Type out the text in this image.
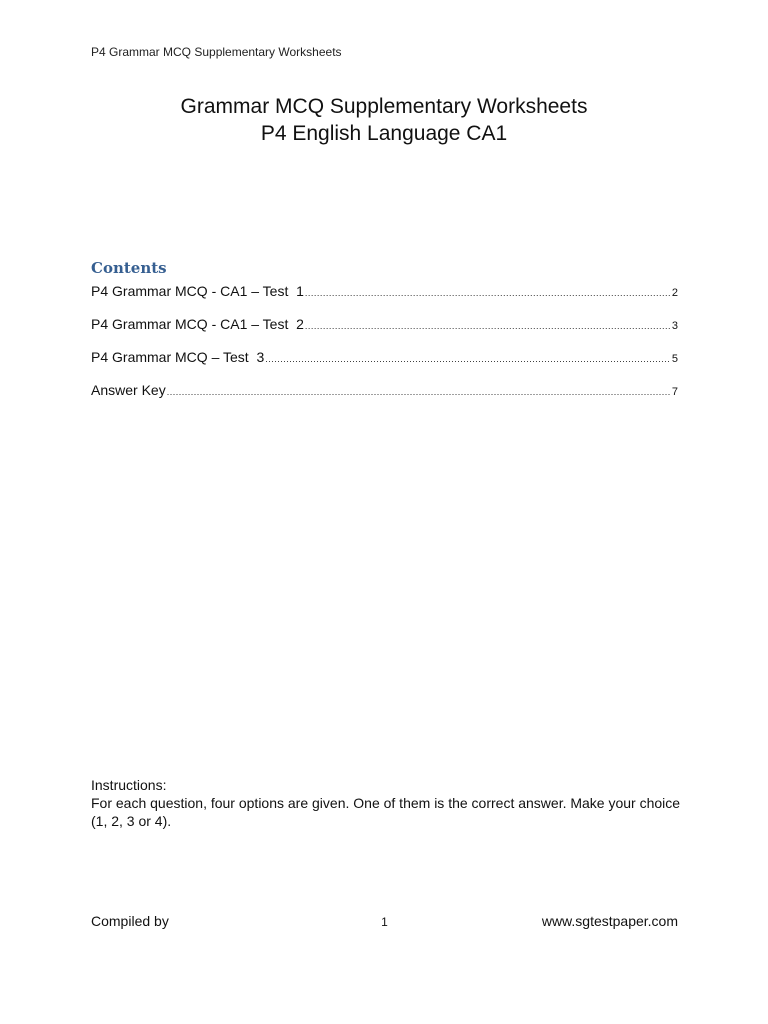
P4 Grammar MCQ Supplementary Worksheets
Grammar MCQ Supplementary Worksheets
P4 English Language CA1
Contents
P4 Grammar MCQ - CA1 – Test  1 .....	2
P4 Grammar MCQ - CA1 – Test  2 .....	3
P4 Grammar MCQ – Test  3 .....	5
Answer Key .....	7

Instructions:

For each question, four options are given. One of them is the correct answer. Make your choice (1, 2, 3 or 4).

Compiled by	1	www.sgtestpaper.com
